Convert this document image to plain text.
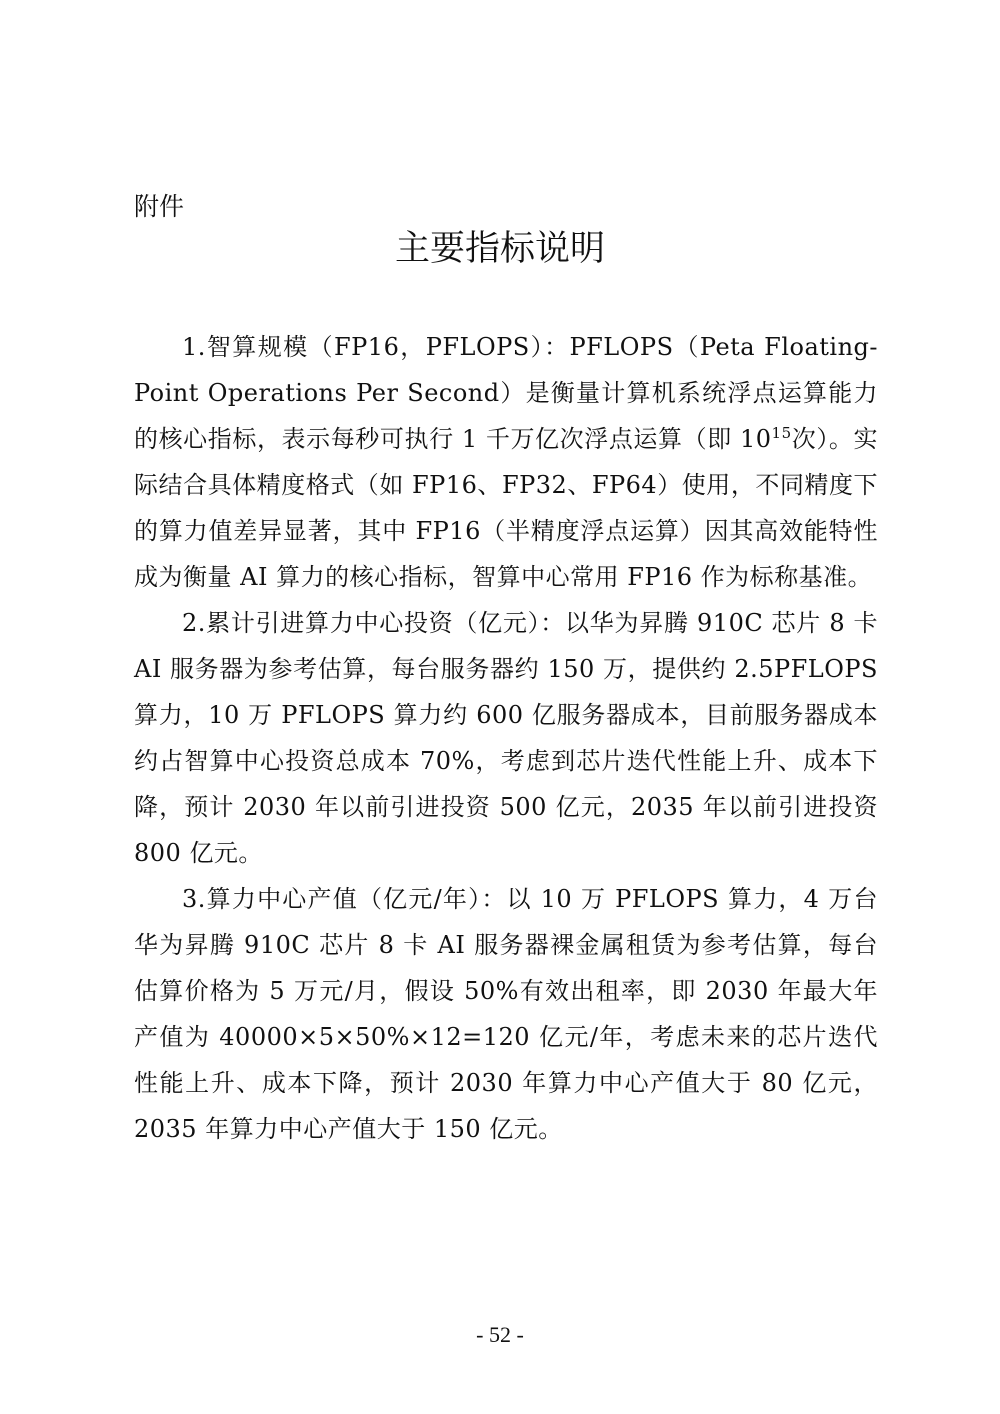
附件
主要指标说明

1.智算规模（FP16，PFLOPS）：PFLOPS（Peta Floating-Point Operations Per Second）是衡量计算机系统浮点运算能力的核心指标，表示每秒可执行 1 千万亿次浮点运算（即 $10^{15}$次）。实际结合具体精度格式（如 FP16、FP32、FP64）使用，不同精度下的算力值差异显著，其中 FP16（半精度浮点运算）因其高效能特性成为衡量 AI 算力的核心指标，智算中心常用 FP16 作为标称基准。

2.累计引进算力中心投资（亿元）：以华为昇腾 910C 芯片 8 卡 AI 服务器为参考估算，每台服务器约 150 万，提供约 2.5PFLOPS 算力，10 万 PFLOPS 算力约 600 亿服务器成本，目前服务器成本约占智算中心投资总成本 70%，考虑到芯片迭代性能上升、成本下降，预计 2030 年以前引进投资 500 亿元，2035 年以前引进投资 800 亿元。

3.算力中心产值（亿元/年）：以 10 万 PFLOPS 算力，4 万台华为昇腾 910C 芯片 8 卡 AI 服务器裸金属租赁为参考估算，每台估算价格为 5 万元/月，假设 50%有效出租率，即 2030 年最大年产值为 40000×5×50%×12=120 亿元/年，考虑未来的芯片迭代性能上升、成本下降，预计 2030 年算力中心产值大于 80 亿元，2035 年算力中心产值大于 150 亿元。

- 52 -
